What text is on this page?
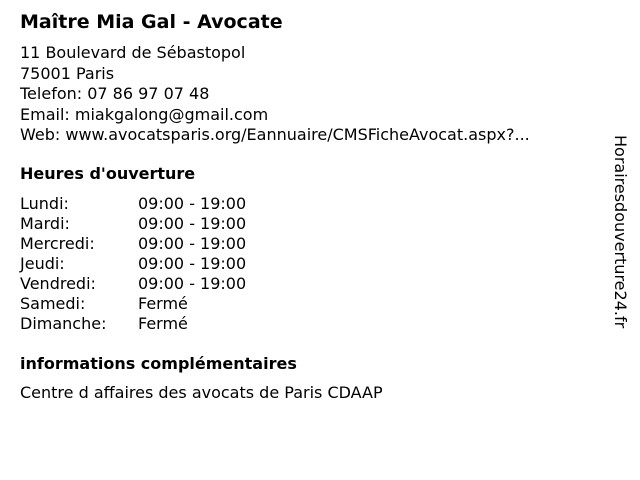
Maître Mia Gal - Avocate
11 Boulevard de Sébastopol
75001 Paris
Telefon: 07 86 97 07 48
Email: miakgalong@gmail.com
Web: www.avocatsparis.org/Eannuaire/CMSFicheAvocat.aspx?...
Heures d'ouverture
Lundi:	09:00 - 19:00
Mardi:	09:00 - 19:00
Mercredi:	09:00 - 19:00
Jeudi:	09:00 - 19:00
Vendredi:	09:00 - 19:00
Samedi:	Fermé
Dimanche:	Fermé
informations complémentaires
Centre d affaires des avocats de Paris CDAAP
Horairesdouverture24.fr
